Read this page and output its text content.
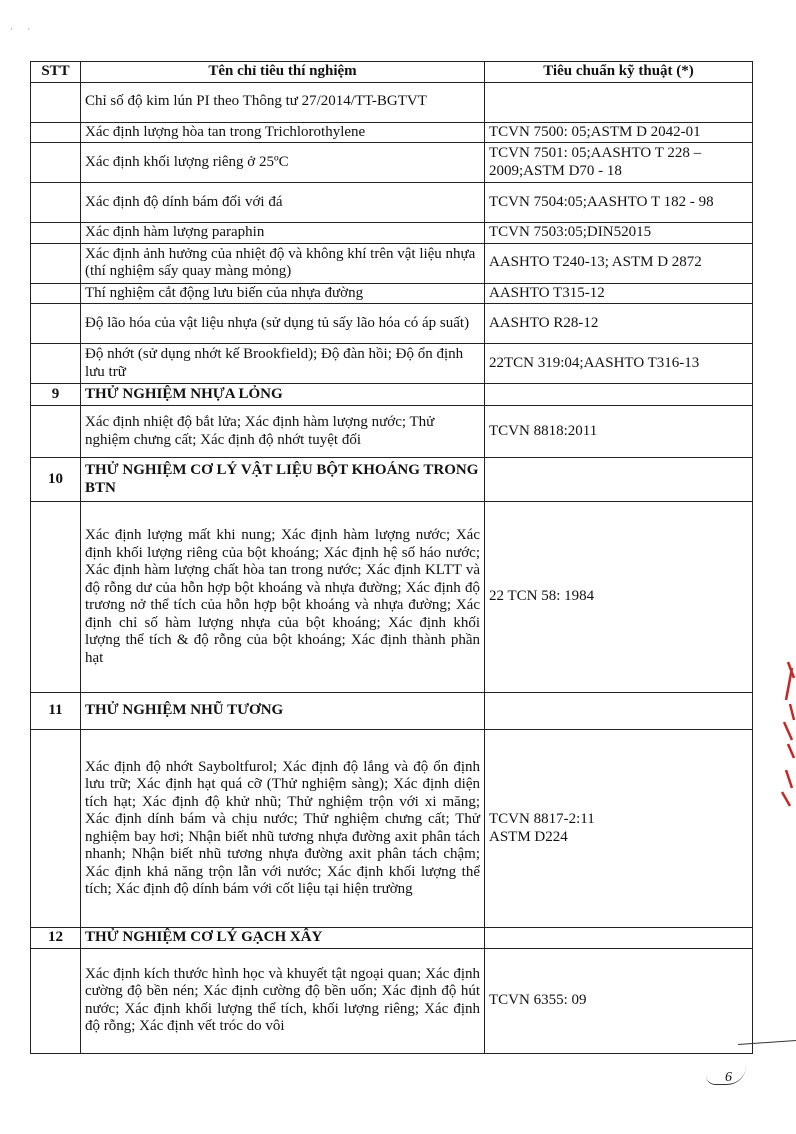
· ·
STT	Tên chỉ tiêu thí nghiệm	Tiêu chuẩn kỹ thuật (*)
	Chỉ số độ kim lún PI theo Thông tư 27/2014/TT-BGTVT	
	Xác định lượng hòa tan trong Trichlorothylene	TCVN 7500: 05;ASTM D 2042-01
	Xác định khối lượng riêng ở 25ºC	TCVN 7501: 05;AASHTO T 228 – 2009;ASTM D70 - 18
	Xác định độ dính bám đối với đá	TCVN 7504:05;AASHTO T 182 - 98
	Xác định hàm lượng paraphin	TCVN 7503:05;DIN52015
	Xác định ảnh hưởng của nhiệt độ và không khí trên vật liệu nhựa (thí nghiệm sấy quay màng mỏng)	AASHTO T240-13; ASTM D 2872
	Thí nghiệm cắt động lưu biến của nhựa đường	AASHTO T315-12
	Độ lão hóa của vật liệu nhựa (sử dụng tủ sấy lão hóa có áp suất)	AASHTO R28-12
	Độ nhớt (sử dụng nhớt kế Brookfield); Độ đàn hồi; Độ ổn định lưu trữ	22TCN 319:04;AASHTO T316-13
9	THỬ NGHIỆM NHỰA LỎNG	
	Xác định nhiệt độ bắt lửa; Xác định hàm lượng nước; Thử nghiệm chưng cất; Xác định độ nhớt tuyệt đối	TCVN 8818:2011
10	THỬ NGHIỆM CƠ LÝ VẬT LIỆU BỘT KHOÁNG TRONG BTN	
	Xác định lượng mất khi nung; Xác định hàm lượng nước; Xác định khối lượng riêng của bột khoáng; Xác định hệ số háo nước; Xác định hàm lượng chất hòa tan trong nước; Xác định KLTT và độ rỗng dư của hỗn hợp bột khoáng và nhựa đường; Xác định độ trương nở thể tích của hỗn hợp bột khoáng và nhựa đường; Xác định chỉ số hàm lượng nhựa của bột khoáng; Xác định khối lượng thể tích & độ rỗng của bột khoáng; Xác định thành phần hạt	22 TCN 58: 1984
11	THỬ NGHIỆM NHŨ TƯƠNG	
	Xác định độ nhớt Sayboltfurol; Xác định độ lắng và độ ổn định lưu trữ; Xác định hạt quá cỡ (Thử nghiệm sàng); Xác định diện tích hạt; Xác định độ khử nhũ; Thử nghiệm trộn với xi măng; Xác định dính bám và chịu nước; Thử nghiệm chưng cất; Thử nghiệm bay hơi; Nhận biết nhũ tương nhựa đường axit phân tách nhanh; Nhận biết nhũ tương nhựa đường axit phân tách chậm; Xác định khả năng trộn lẫn với nước; Xác định khối lượng thể tích; Xác định độ dính bám với cốt liệu tại hiện trường	TCVN 8817-2:11
ASTM D224
12	THỬ NGHIỆM CƠ LÝ GẠCH XÂY	
	Xác định kích thước hình học và khuyết tật ngoại quan; Xác định cường độ bền nén; Xác định cường độ bền uốn; Xác định độ hút nước; Xác định khối lượng thể tích, khối lượng riêng; Xác định độ rỗng; Xác định vết tróc do vôi	TCVN 6355: 09
6
